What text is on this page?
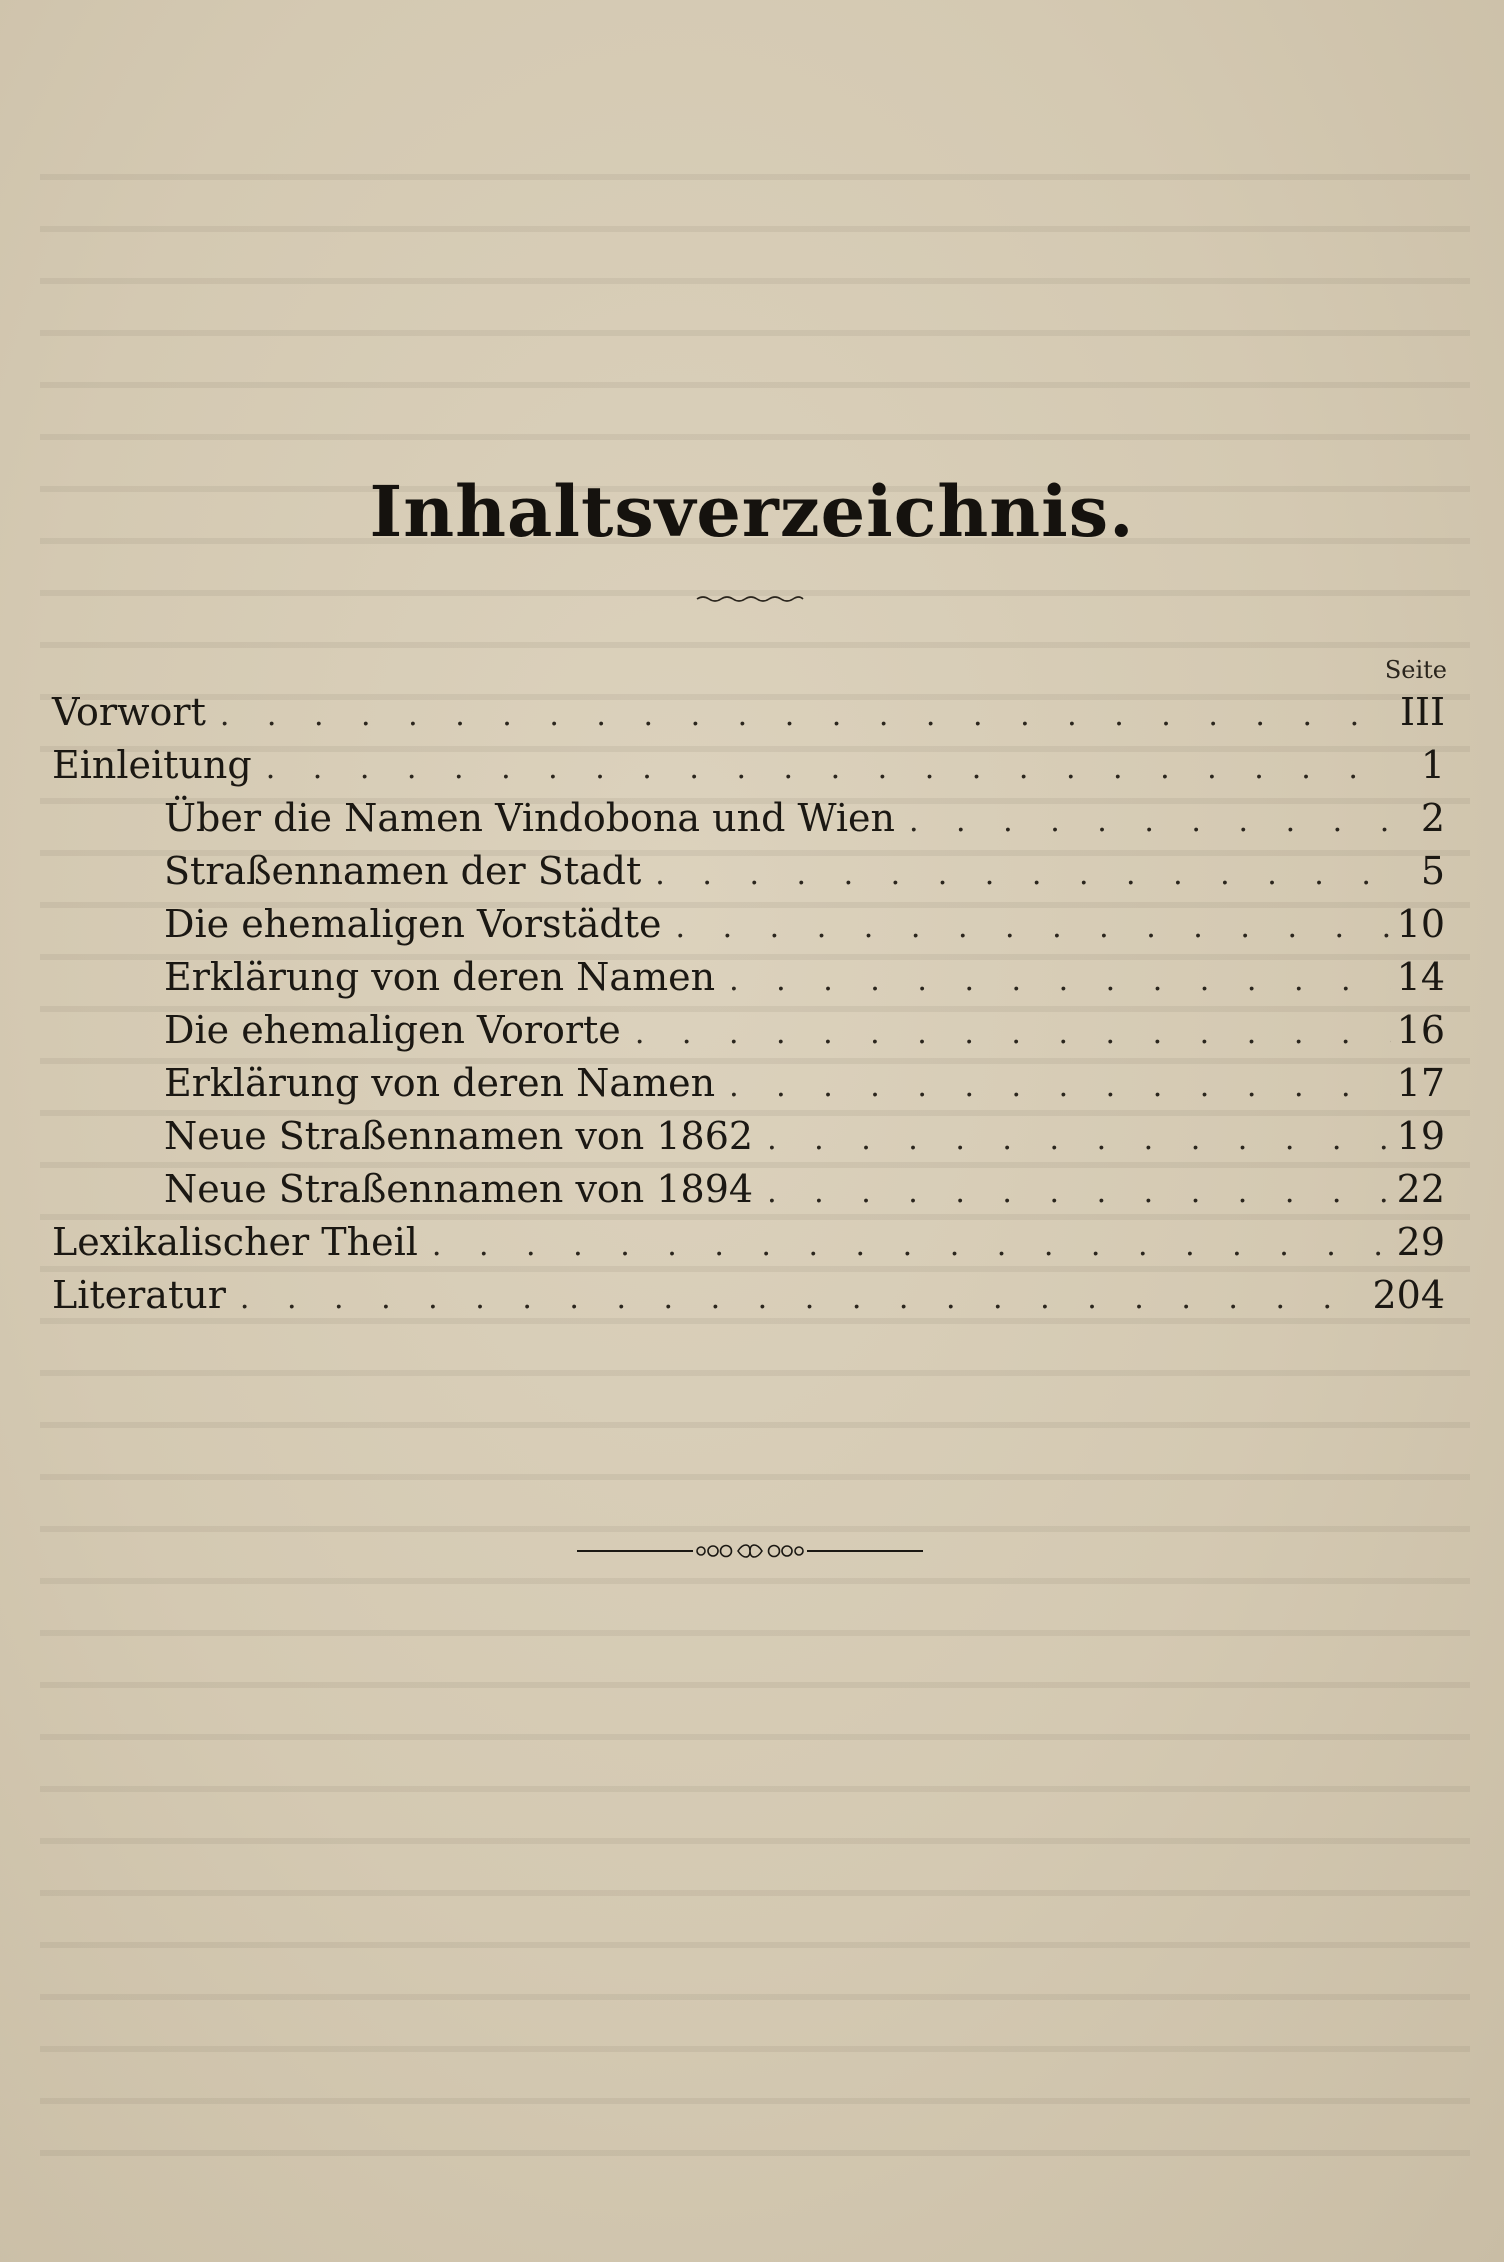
Inhaltsverzeichnis.
Seite
Vorwort . . .	III
Einleitung . . .	1
Über die Namen Vindobona und Wien . . .	2
Straßennamen der Stadt . . .	5
Die ehemaligen Vorstädte . . .	10
Erklärung von deren Namen . . .	14
Die ehemaligen Vororte . . .	16
Erklärung von deren Namen . . .	17
Neue Straßennamen von 1862 . . .	19
Neue Straßennamen von 1894 . . .	22
Lexikalischer Theil . . .	29
Literatur . . .	204
